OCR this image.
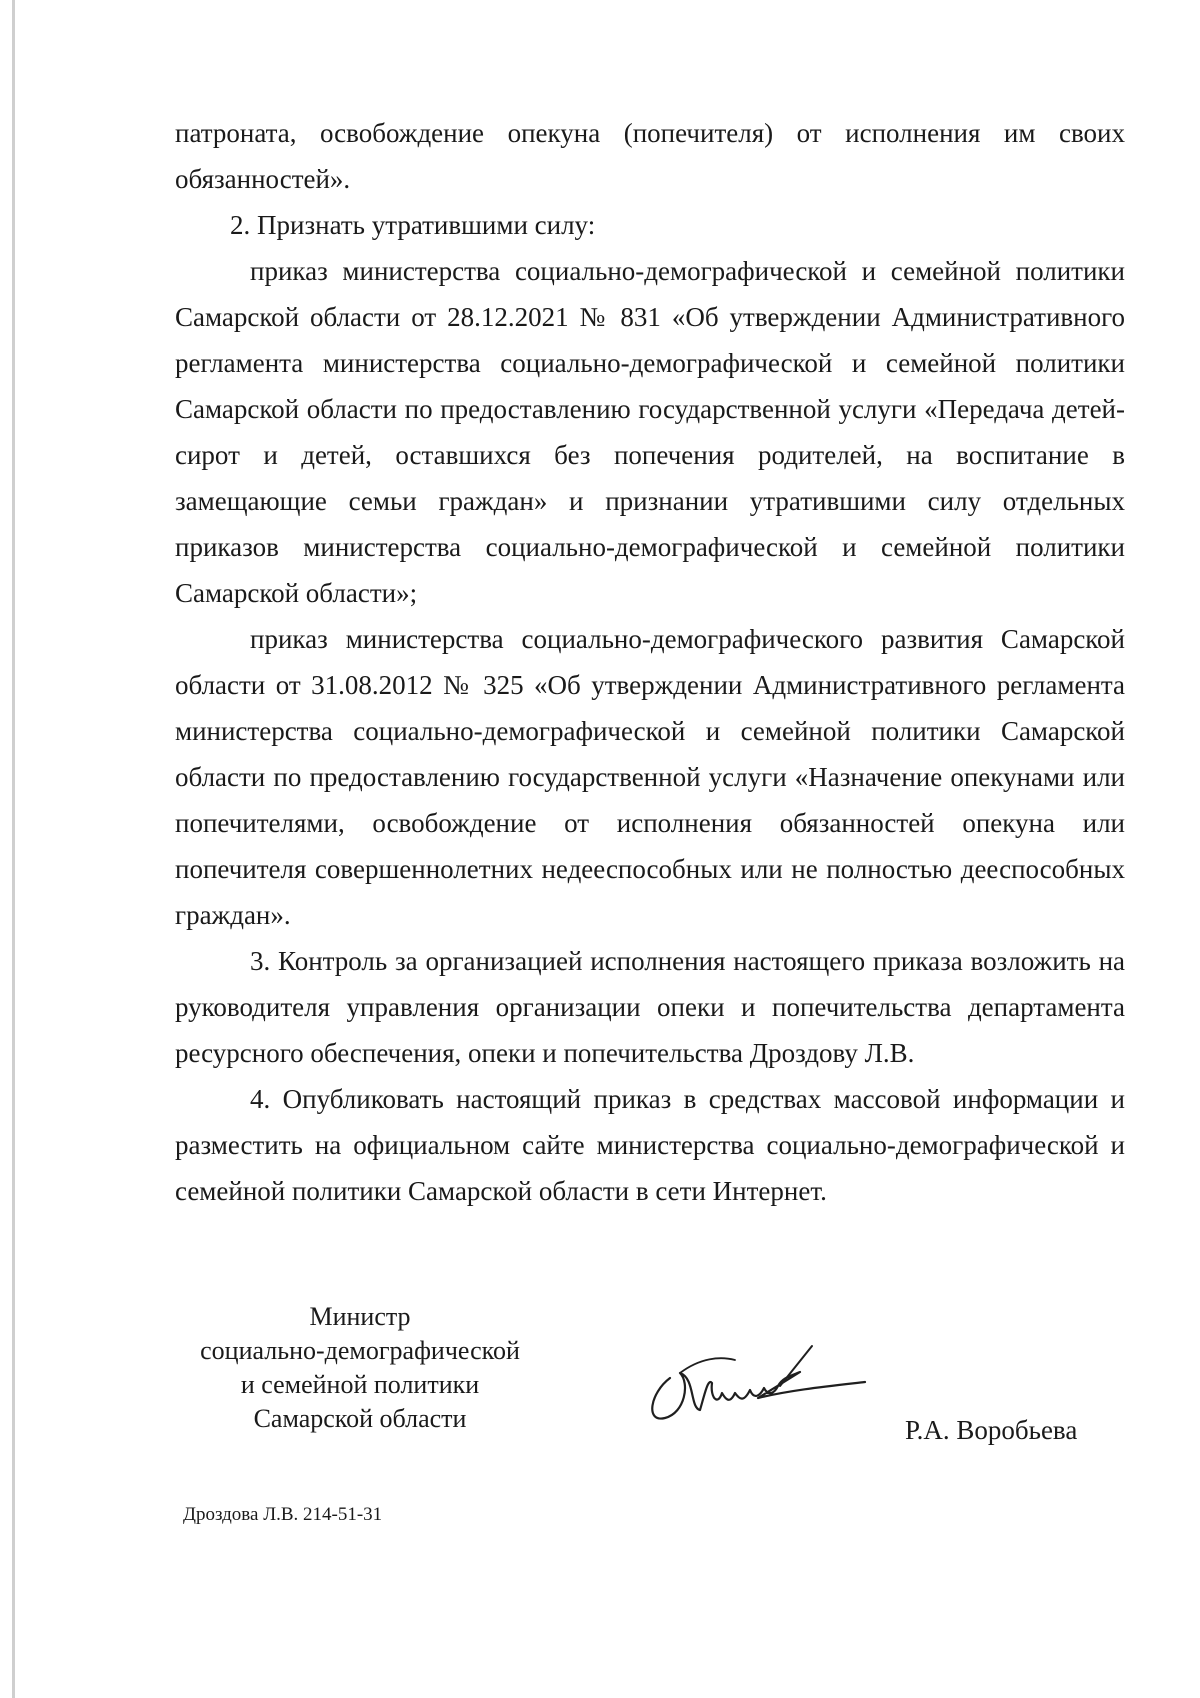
патроната, освобождение опекуна (попечителя) от исполнения им своих обязанностей».

2. Признать утратившими силу:

приказ министерства социально-демографической и семейной политики Самарской области от 28.12.2021 № 831 «Об утверждении Административного регламента министерства социально-демографической и семейной политики Самарской области по предоставлению государственной услуги «Передача детей-сирот и детей, оставшихся без попечения родителей, на воспитание в замещающие семьи граждан» и признании утратившими силу отдельных приказов министерства социально-демографической и семейной политики Самарской области»;

приказ министерства социально-демографического развития Самарской области от 31.08.2012 № 325 «Об утверждении Административного регламента министерства социально-демографической и семейной политики Самарской области по предоставлению государственной услуги «Назначение опекунами или попечителями, освобождение от исполнения обязанностей опекуна или попечителя совершеннолетних недееспособных или не полностью дееспособных граждан».

3. Контроль за организацией исполнения настоящего приказа возложить на руководителя управления организации опеки и попечительства департамента ресурсного обеспечения, опеки и попечительства Дроздову Л.В.

4. Опубликовать настоящий приказ в средствах массовой информации и разместить на официальном сайте министерства социально-демографической и семейной политики Самарской области в сети Интернет.

Министр
социально-демографической
и семейной политики
Самарской области	Р.А. Воробьева
Дроздова Л.В. 214-51-31
